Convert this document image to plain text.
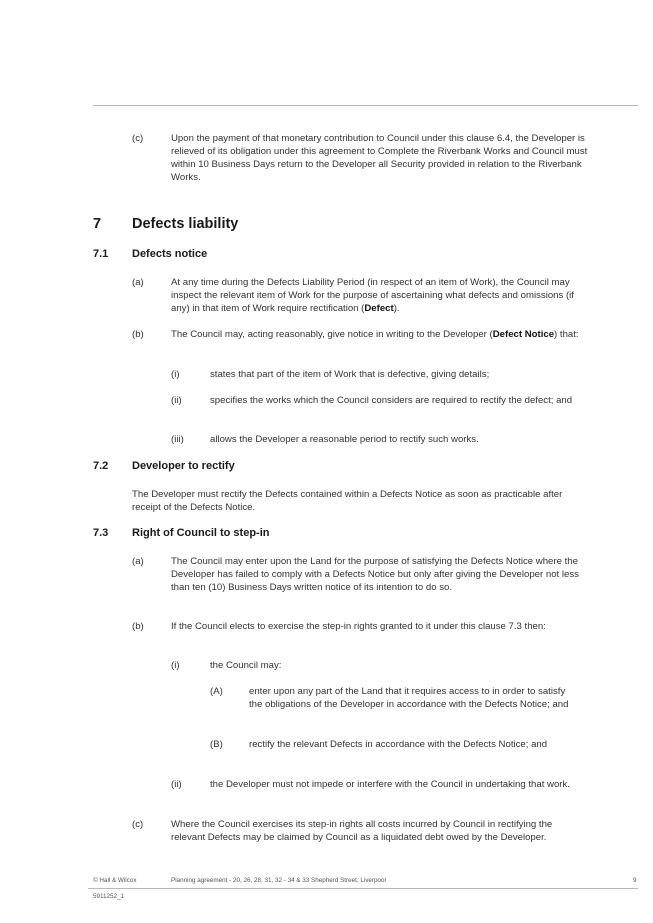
(c)	Upon the payment of that monetary contribution to Council under this clause 6.4, the Developer is relieved of its obligation under this agreement to Complete the Riverbank Works and Council must within 10 Business Days return to the Developer all Security provided in relation to the Riverbank Works.
7 Defects liability
7.1 Defects notice
(a)	At any time during the Defects Liability Period (in respect of an item of Work), the Council may inspect the relevant item of Work for the purpose of ascertaining what defects and omissions (if any) in that item of Work require rectification (Defect).
(b)	The Council may, acting reasonably, give notice in writing to the Developer (Defect Notice) that:
(i)	states that part of the item of Work that is defective, giving details;
(ii)	specifies the works which the Council considers are required to rectify the defect; and
(iii)	allows the Developer a reasonable period to rectify such works.
7.2 Developer to rectify
The Developer must rectify the Defects contained within a Defects Notice as soon as practicable after receipt of the Defects Notice.
7.3 Right of Council to step-in
(a)	The Council may enter upon the Land for the purpose of satisfying the Defects Notice where the Developer has failed to comply with a Defects Notice but only after giving the Developer not less than ten (10) Business Days written notice of its intention to do so.
(b)	If the Council elects to exercise the step-in rights granted to it under this clause 7.3 then:
(i)	the Council may:
(A)	enter upon any part of the Land that it requires access to in order to satisfy the obligations of the Developer in accordance with the Defects Notice; and
(B)	rectify the relevant Defects in accordance with the Defects Notice; and
(ii)	the Developer must not impede or interfere with the Council in undertaking that work.
(c)	Where the Council exercises its step-in rights all costs incurred by Council in rectifying the relevant Defects may be claimed by Council as a liquidated debt owed by the Developer.
© Hall & Wilcox	Planning agreement - 20, 26, 28, 31, 32 - 34 & 33 Shepherd Street, Liverpool	9
5911252_1
